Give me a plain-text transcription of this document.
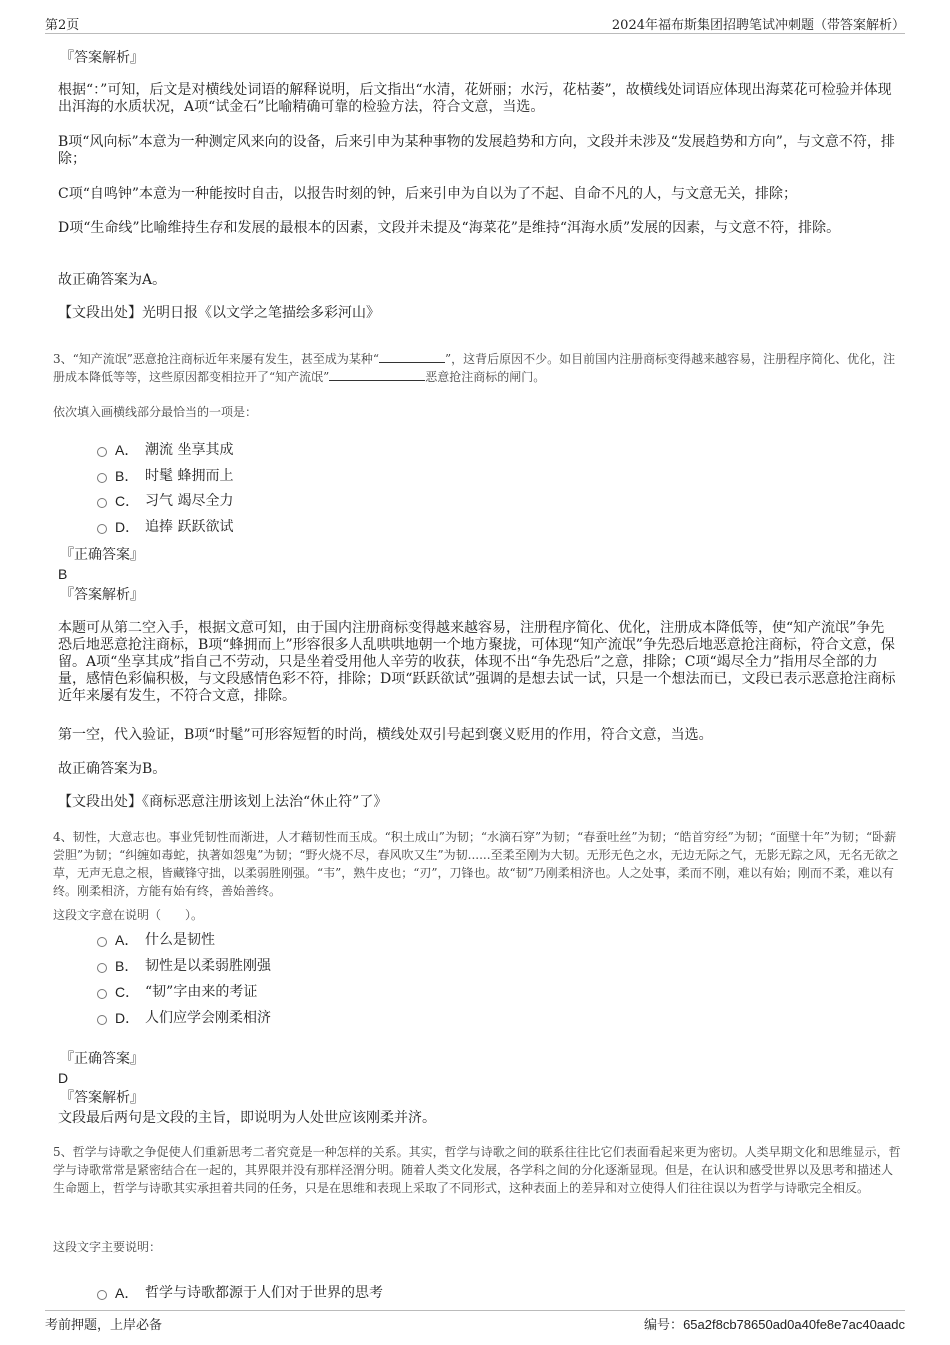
第2页	2024年福布斯集团招聘笔试冲刺题（带答案解析）
『答案解析』
根据“：”可知，后文是对横线处词语的解释说明，后文指出“水清，花妍丽；水污，花枯萎”，故横线处词语应体现出海菜花可检验并体现出洱海的水质状况，A项“试金石”比喻精确可靠的检验方法，符合文意，当选。
B项“风向标”本意为一种测定风来向的设备，后来引申为某种事物的发展趋势和方向，文段并未涉及“发展趋势和方向”，与文意不符，排除；
C项“自鸣钟”本意为一种能按时自击，以报告时刻的钟，后来引申为自以为了不起、自命不凡的人，与文意无关，排除；
D项“生命线”比喻维持生存和发展的最根本的因素，文段并未提及“海菜花”是维持“洱海水质”发展的因素，与文意不符，排除。
故正确答案为A。
【文段出处】光明日报《以文学之笔描绘多彩河山》
3、“知产流氓”恶意抢注商标近年来屡有发生，甚至成为某种“	”，这背后原因不少。如目前国内注册商标变得越来越容易，注册程序简化、优化，注册成本降低等等，这些原因都变相拉开了“知产流氓”	恶意抢注商标的闸门。
依次填入画横线部分最恰当的一项是：
A． 潮流 坐享其成
B． 时髦 蜂拥而上
C． 习气 竭尽全力
D． 追捧 跃跃欲试
『正确答案』
B
『答案解析』
本题可从第二空入手，根据文意可知，由于国内注册商标变得越来越容易，注册程序简化、优化，注册成本降低等，使“知产流氓”争先恐后地恶意抢注商标，B项“蜂拥而上”形容很多人乱哄哄地朝一个地方聚拢，可体现“知产流氓”争先恐后地恶意抢注商标，符合文意，保留。A项“坐享其成”指自己不劳动，只是坐着受用他人辛劳的收获，体现不出“争先恐后”之意，排除；C项“竭尽全力”指用尽全部的力量，感情色彩偏积极，与文段感情色彩不符，排除；D项“跃跃欲试”强调的是想去试一试，只是一个想法而已，文段已表示恶意抢注商标近年来屡有发生，不符合文意，排除。
第一空，代入验证，B项“时髦”可形容短暂的时尚，横线处双引号起到褒义贬用的作用，符合文意，当选。
故正确答案为B。
【文段出处】《商标恶意注册该划上法治“休止符”了》
4、韧性，大意志也。事业凭韧性而渐进，人才藉韧性而玉成。“积土成山”为韧；“水滴石穿”为韧；“春蚕吐丝”为韧；“皓首穷经”为韧；“面壁十年”为韧；“卧薪尝胆”为韧；“纠缠如毒蛇，执著如怨鬼”为韧；“野火烧不尽，春风吹又生”为韧......至柔至刚为大韧。无形无色之水，无边无际之气，无影无踪之风，无名无欲之草，无声无息之根，皆藏锋守拙，以柔弱胜刚强。“韦”，熟牛皮也；“刃”，刀锋也。故“韧”乃刚柔相济也。人之处事，柔而不刚，难以有始；刚而不柔，难以有终。刚柔相济，方能有始有终，善始善终。
这段文字意在说明（　　）。
A． 什么是韧性
B． 韧性是以柔弱胜刚强
C． “韧”字由来的考证
D． 人们应学会刚柔相济
『正确答案』
D
『答案解析』
文段最后两句是文段的主旨，即说明为人处世应该刚柔并济。
5、哲学与诗歌之争促使人们重新思考二者究竟是一种怎样的关系。其实，哲学与诗歌之间的联系往往比它们表面看起来更为密切。人类早期文化和思维显示，哲学与诗歌常常是紧密结合在一起的，其界限并没有那样泾渭分明。随着人类文化发展，各学科之间的分化逐渐显现。但是，在认识和感受世界以及思考和描述人生命题上，哲学与诗歌其实承担着共同的任务，只是在思维和表现上采取了不同形式，这种表面上的差异和对立使得人们往往误以为哲学与诗歌完全相反。
这段文字主要说明：
A． 哲学与诗歌都源于人们对于世界的思考
考前押题，上岸必备	编号：65a2f8cb78650ad0a40fe8e7ac40aadc
